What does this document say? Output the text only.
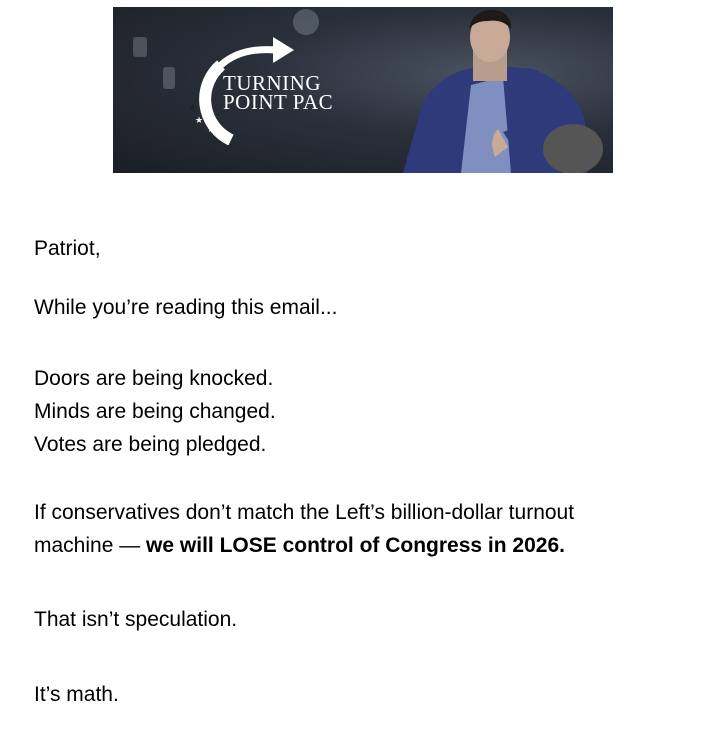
★
★
★
★
TURNING
POINT PAC

Patriot,

While you’re reading this email...

Doors are being knocked.
Minds are being changed.
Votes are being pledged.
If conservatives don’t match the Left’s billion-dollar turnout
machine — we will LOSE control of Congress in 2026.

That isn’t speculation.

It’s math.
